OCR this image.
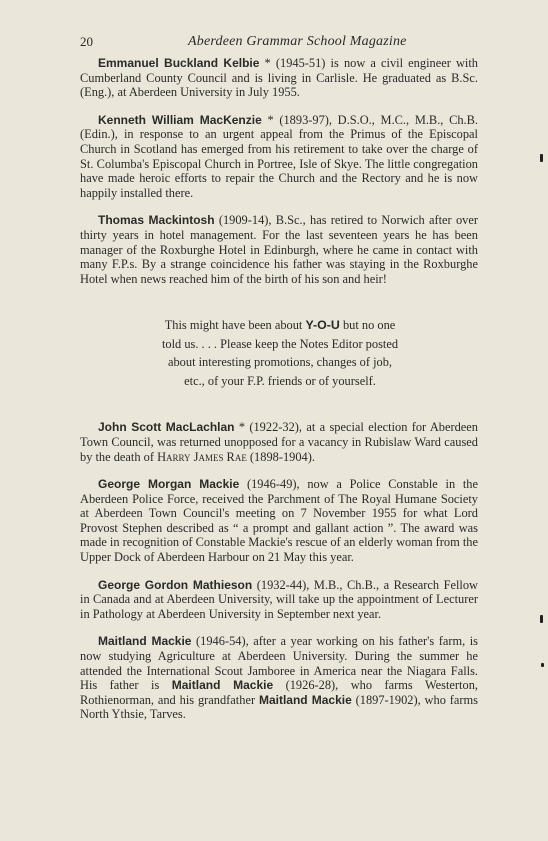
20	Aberdeen Grammar School Magazine

Emmanuel Buckland Kelbie * (1945-51) is now a civil engineer with Cumberland County Council and is living in Carlisle. He graduated as B.Sc. (Eng.), at Aberdeen University in July 1955.

Kenneth William MacKenzie * (1893-97), D.S.O., M.C., M.B., Ch.B. (Edin.), in response to an urgent appeal from the Primus of the Episcopal Church in Scotland has emerged from his retirement to take over the charge of St. Columba's Episcopal Church in Portree, Isle of Skye. The little congregation have made heroic efforts to repair the Church and the Rectory and he is now happily installed there.

Thomas Mackintosh (1909-14), B.Sc., has retired to Norwich after over thirty years in hotel management. For the last seventeen years he has been manager of the Roxburghe Hotel in Edinburgh, where he came in contact with many F.P.s. By a strange coincidence his father was staying in the Roxburghe Hotel when news reached him of the birth of his son and heir!

This might have been about Y-O-U but no one told us. . . . Please keep the Notes Editor posted about interesting promotions, changes of job, etc., of your F.P. friends or of yourself.

John Scott MacLachlan * (1922-32), at a special election for Aberdeen Town Council, was returned unopposed for a vacancy in Rubislaw Ward caused by the death of Harry James Rae (1898-1904).

George Morgan Mackie (1946-49), now a Police Constable in the Aberdeen Police Force, received the Parchment of The Royal Humane Society at Aberdeen Town Council's meeting on 7 November 1955 for what Lord Provost Stephen described as “ a prompt and gallant action ”. The award was made in recognition of Constable Mackie's rescue of an elderly woman from the Upper Dock of Aberdeen Harbour on 21 May this year.

George Gordon Mathieson (1932-44), M.B., Ch.B., a Research Fellow in Canada and at Aberdeen University, will take up the appointment of Lecturer in Pathology at Aberdeen University in September next year.

Maitland Mackie (1946-54), after a year working on his father's farm, is now studying Agriculture at Aberdeen University. During the summer he attended the International Scout Jamboree in America near the Niagara Falls. His father is Maitland Mackie (1926-28), who farms Westerton, Rothienorman, and his grandfather Maitland Mackie (1897-1902), who farms North Ythsie, Tarves.
